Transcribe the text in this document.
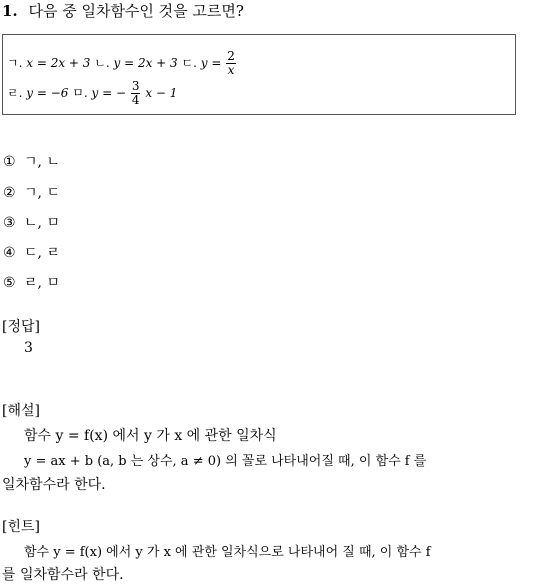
1. 다음 중 일차함수인 것을 고르면?
ㄱ. x = 2x + 3 ㄴ. y = 2x + 3 ㄷ. $y = \frac{2}{x}$
ㄹ. y = −6 ㅁ. y = − $\frac{3}{4}$ x − 1
① ㄱ, ㄴ
② ㄱ, ㄷ
③ ㄴ, ㅁ
④ ㄷ, ㄹ
⑤ ㄹ, ㅁ
[정답]
3
[해설]
함수 y = f(x) 에서 y 가 x 에 관한 일차식
y = ax + b (a, b 는 상수, a ≠ 0) 의 꼴로 나타내어질 때, 이 함수 f 를
일차함수라 한다.
[힌트]
함수 y = f(x) 에서 y 가 x 에 관한 일차식으로 나타내어 질 때, 이 함수 f
를 일차함수라 한다.
